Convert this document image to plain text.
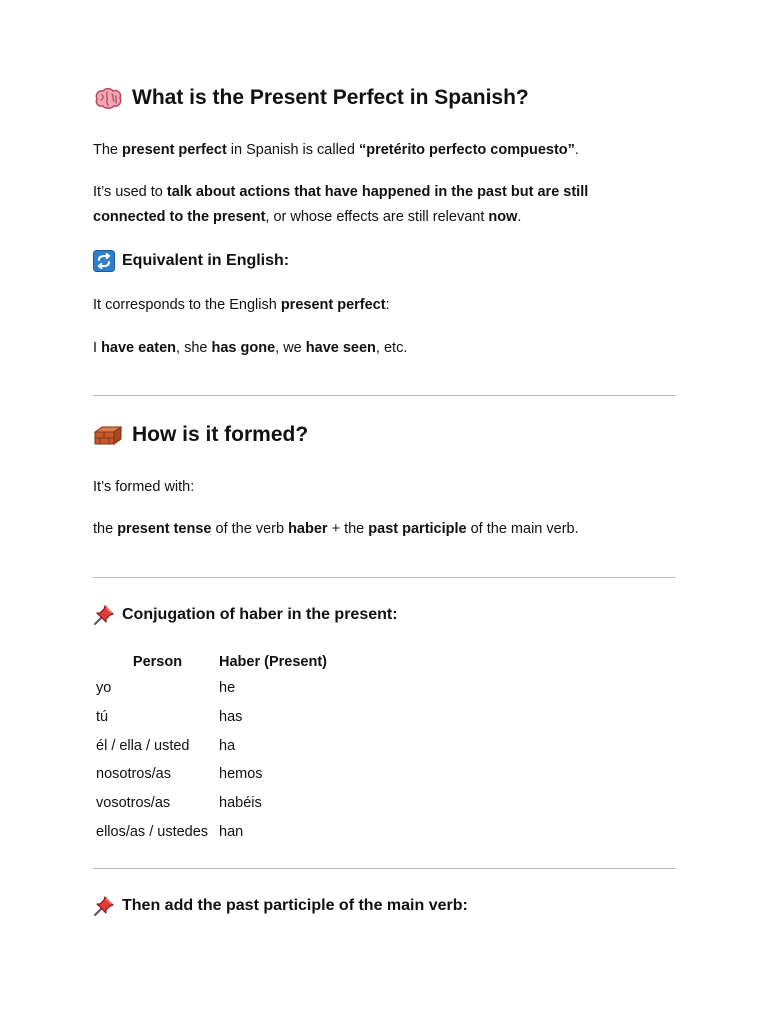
What is the Present Perfect in Spanish?
The present perfect in Spanish is called “pretérito perfecto compuesto”.
It’s used to talk about actions that have happened in the past but are still
connected to the present, or whose effects are still relevant now.
Equivalent in English:
It corresponds to the English present perfect:
I have eaten, she has gone, we have seen, etc.
How is it formed?
It’s formed with:
the present tense of the verb haber + the past participle of the main verb.
Conjugation of haber in the present:
Person	Haber (Present)
yo	he
tú	has
él / ella / usted	ha
nosotros/as	hemos
vosotros/as	habéis
ellos/as / ustedes	han
Then add the past participle of the main verb:
